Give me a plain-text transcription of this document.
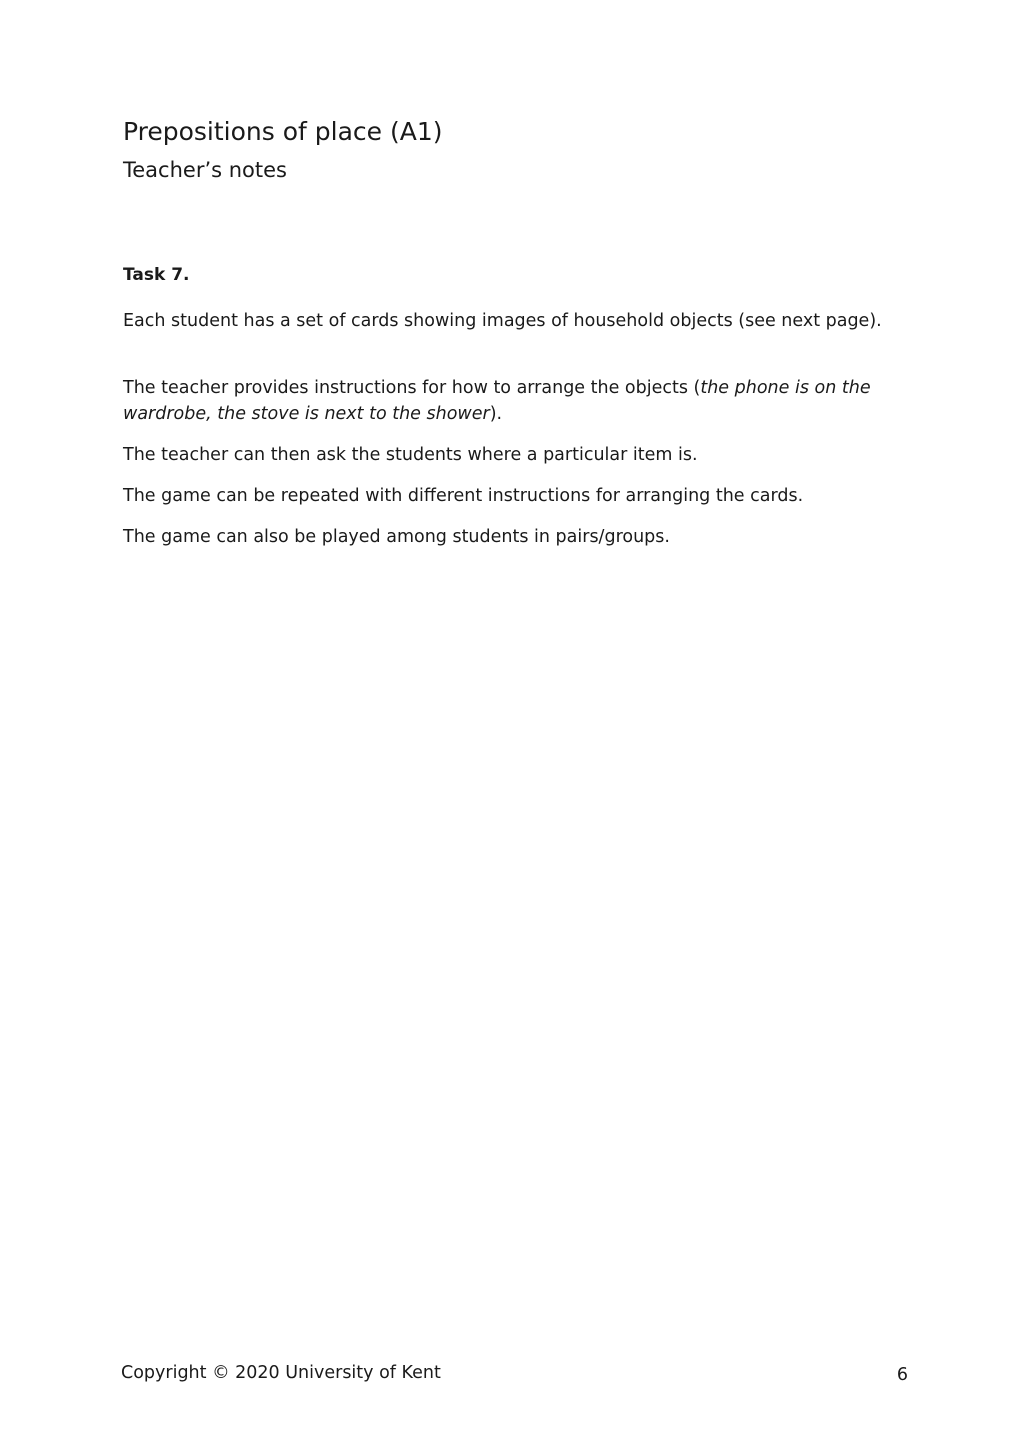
Prepositions of place (A1)
Teacher’s notes
Task 7.

Each student has a set of cards showing images of household objects (see next page).

The teacher provides instructions for how to arrange the objects (the phone is on the wardrobe, the stove is next to the shower).

The teacher can then ask the students where a particular item is.

The game can be repeated with different instructions for arranging the cards.

The game can also be played among students in pairs/groups.

Copyright © 2020 University of Kent	6
